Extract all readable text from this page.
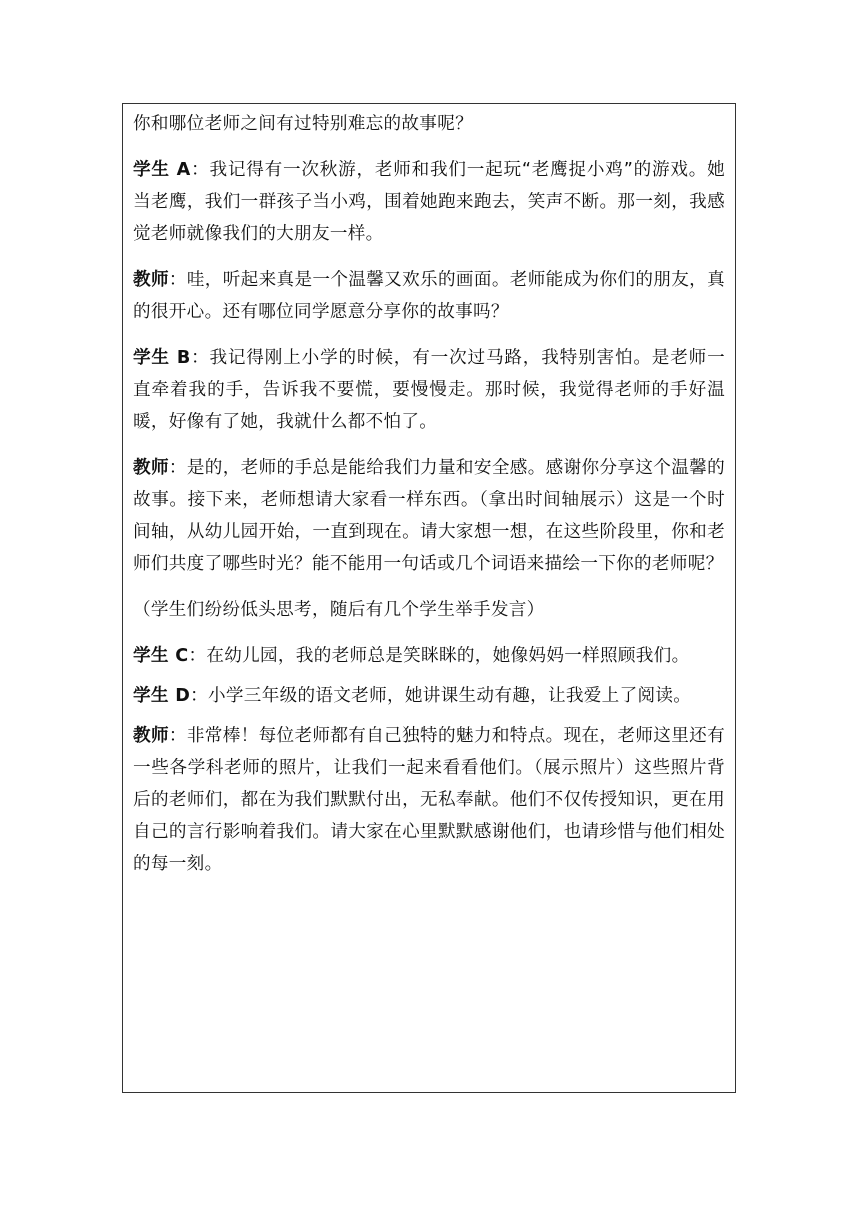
你和哪位老师之间有过特别难忘的故事呢？

学生 A：我记得有一次秋游，老师和我们一起玩“老鹰捉小鸡”的游戏。她当老鹰，我们一群孩子当小鸡，围着她跑来跑去，笑声不断。那一刻，我感觉老师就像我们的大朋友一样。

教师：哇，听起来真是一个温馨又欢乐的画面。老师能成为你们的朋友，真的很开心。还有哪位同学愿意分享你的故事吗？

学生 B：我记得刚上小学的时候，有一次过马路，我特别害怕。是老师一直牵着我的手，告诉我不要慌，要慢慢走。那时候，我觉得老师的手好温暖，好像有了她，我就什么都不怕了。

教师：是的，老师的手总是能给我们力量和安全感。感谢你分享这个温馨的故事。接下来，老师想请大家看一样东西。（拿出时间轴展示）这是一个时间轴，从幼儿园开始，一直到现在。请大家想一想，在这些阶段里，你和老师们共度了哪些时光？能不能用一句话或几个词语来描绘一下你的老师呢？

（学生们纷纷低头思考，随后有几个学生举手发言）

学生 C：在幼儿园，我的老师总是笑眯眯的，她像妈妈一样照顾我们。

学生 D：小学三年级的语文老师，她讲课生动有趣，让我爱上了阅读。

教师：非常棒！每位老师都有自己独特的魅力和特点。现在，老师这里还有一些各学科老师的照片，让我们一起来看看他们。（展示照片）这些照片背后的老师们，都在为我们默默付出，无私奉献。他们不仅传授知识，更在用自己的言行影响着我们。请大家在心里默默感谢他们，也请珍惜与他们相处的每一刻。
